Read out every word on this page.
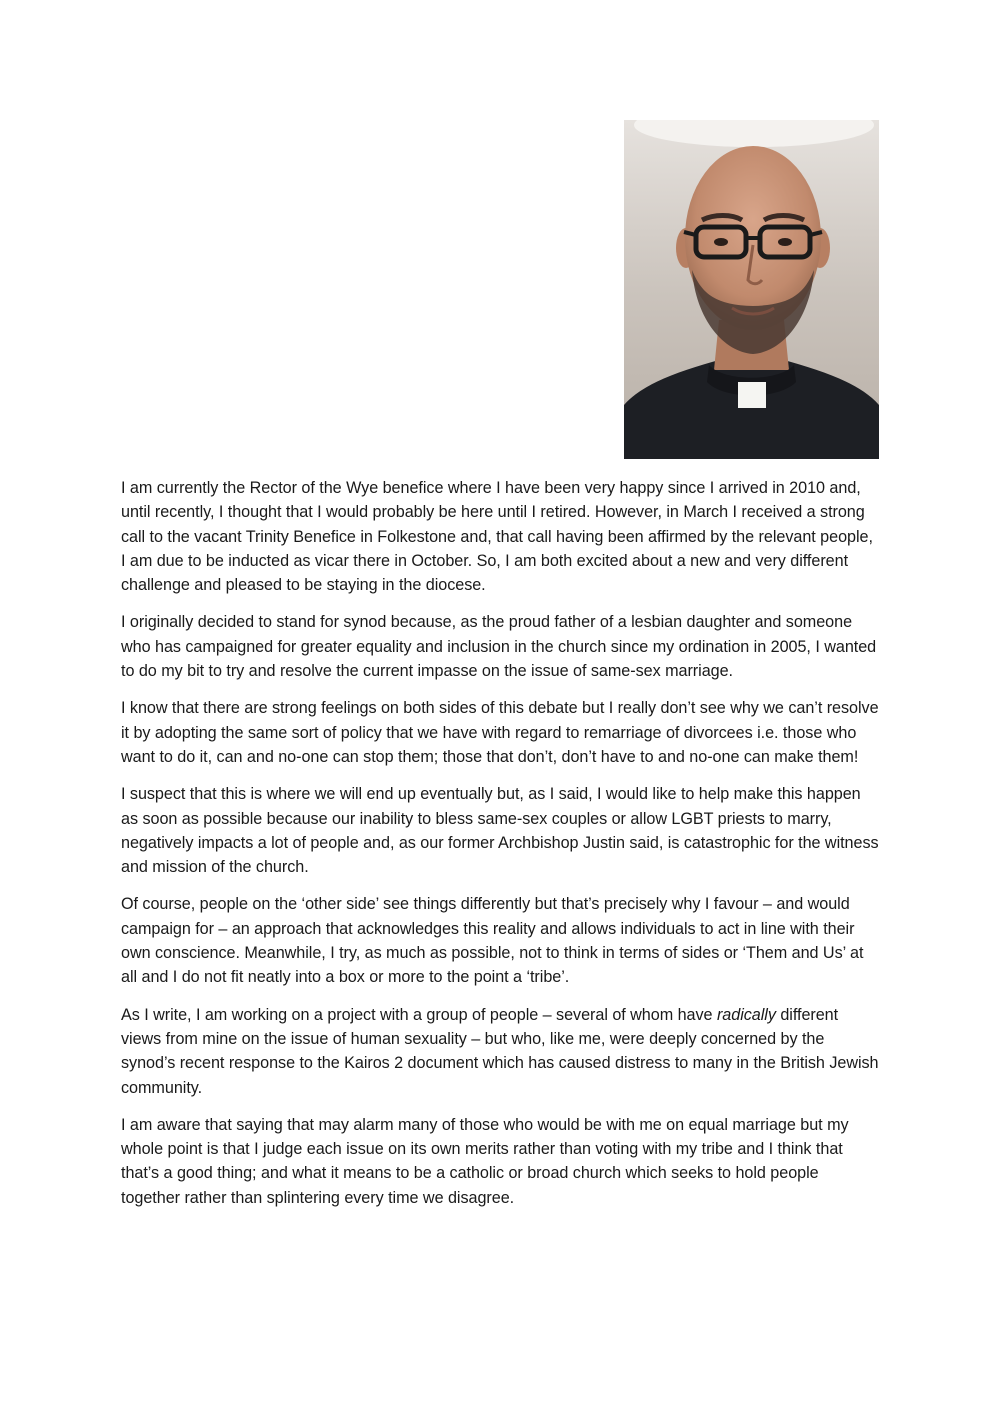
I am currently the Rector of the Wye benefice where I have been very happy since I arrived in 2010 and, until recently, I thought that I would probably be here until I retired. However, in March I received a strong call to the vacant Trinity Benefice in Folkestone and, that call having been affirmed by the relevant people, I am due to be inducted as vicar there in October. So, I am both excited about a new and very different challenge and pleased to be staying in the diocese.

I originally decided to stand for synod because, as the proud father of a lesbian daughter and someone who has campaigned for greater equality and inclusion in the church since my ordination in 2005, I wanted to do my bit to try and resolve the current impasse on the issue of same-sex marriage.

I know that there are strong feelings on both sides of this debate but I really don’t see why we can’t resolve it by adopting the same sort of policy that we have with regard to remarriage of divorcees i.e. those who want to do it, can and no-one can stop them; those that don’t, don’t have to and no-one can make them!

I suspect that this is where we will end up eventually but, as I said, I would like to help make this happen as soon as possible because our inability to bless same-sex couples or allow LGBT priests to marry, negatively impacts a lot of people and, as our former Archbishop Justin said, is catastrophic for the witness and mission of the church.

Of course, people on the ‘other side’ see things differently but that’s precisely why I favour – and would campaign for – an approach that acknowledges this reality and allows individuals to act in line with their own conscience. Meanwhile, I try, as much as possible, not to think in terms of sides or ‘Them and Us’ at all and I do not fit neatly into a box or more to the point a ‘tribe’.

As I write, I am working on a project with a group of people – several of whom have radically different views from mine on the issue of human sexuality – but who, like me, were deeply concerned by the synod’s recent response to the Kairos 2 document which has caused distress to many in the British Jewish community.

I am aware that saying that may alarm many of those who would be with me on equal marriage but my whole point is that I judge each issue on its own merits rather than voting with my tribe and I think that that’s a good thing; and what it means to be a catholic or broad church which seeks to hold people together rather than splintering every time we disagree.
